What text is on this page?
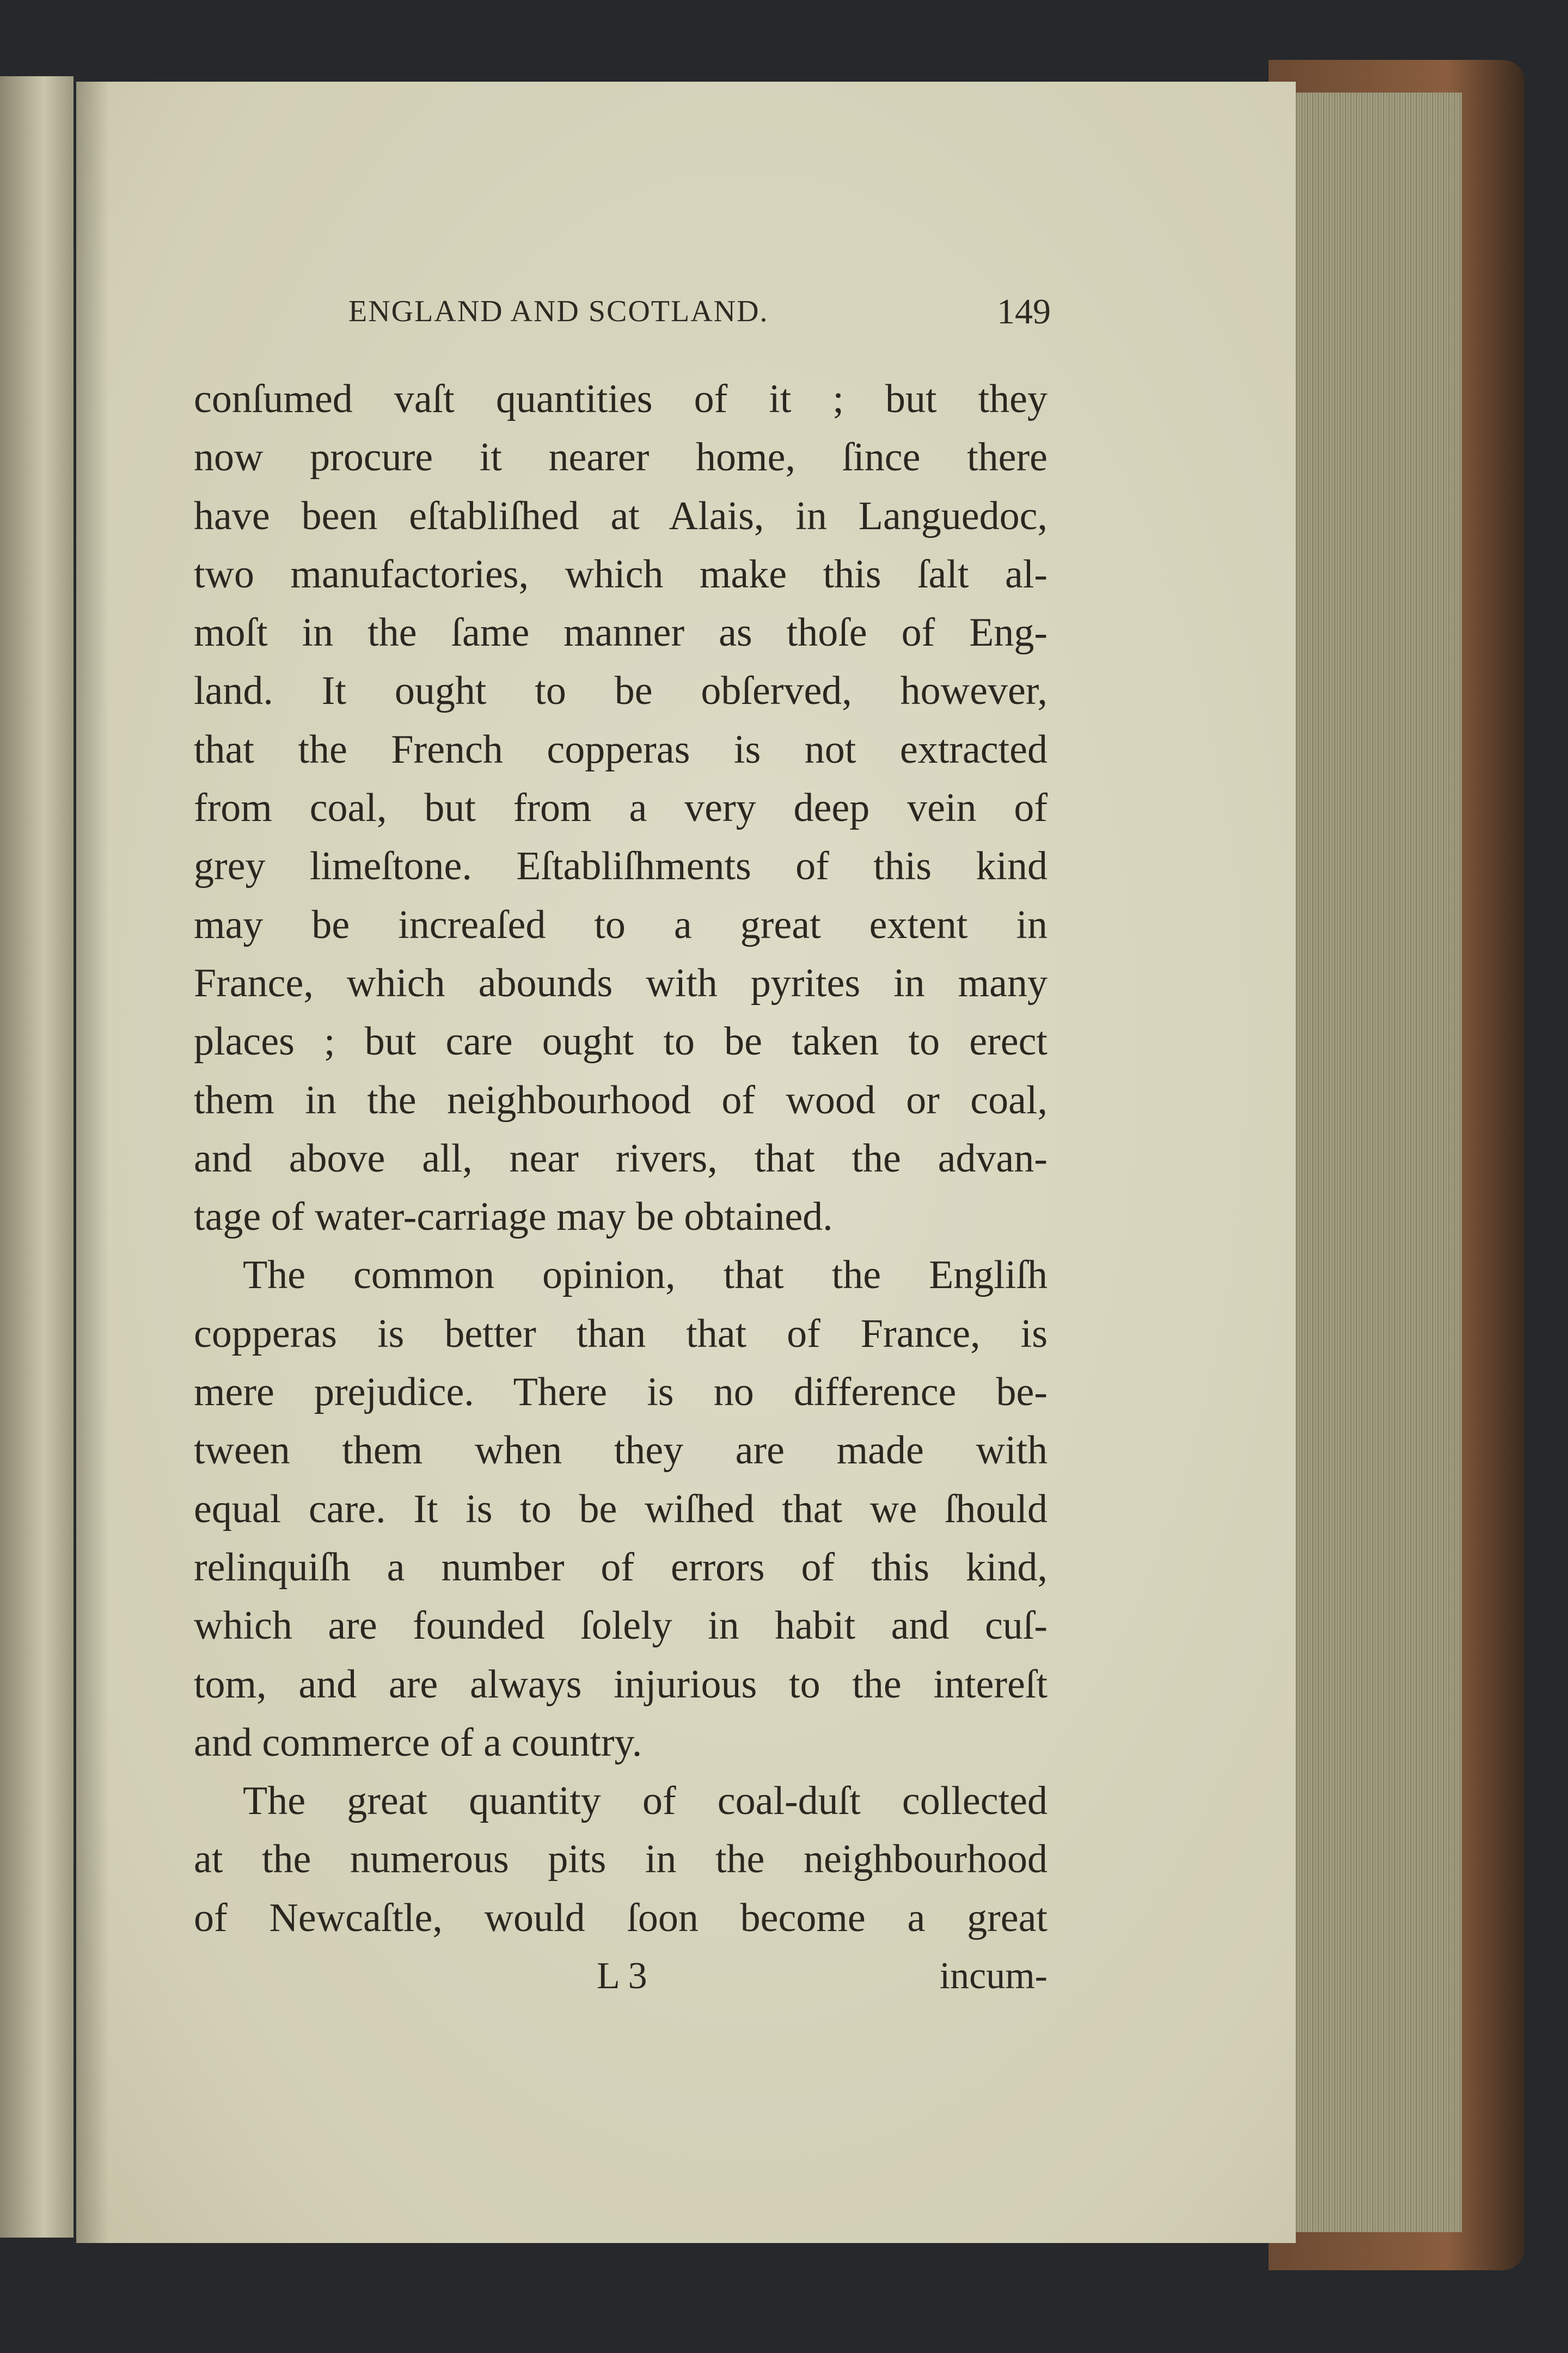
ENGLAND AND SCOTLAND.	149
conſumed vaſt quantities of it ; but they
now procure it nearer home, ſince there
have been eſtabliſhed at Alais, in Languedoc,
two manufactories, which make this ſalt al-
moſt in the ſame manner as thoſe of Eng-
land. It ought to be obſerved, however,
that the French copperas is not extracted
from coal, but from a very deep vein of
grey limeſtone. Eſtabliſhments of this kind
may be increaſed to a great extent in
France, which abounds with pyrites in many
places ; but care ought to be taken to erect
them in the neighbourhood of wood or coal,
and above all, near rivers, that the advan-
tage of water-carriage may be obtained.
The common opinion, that the Engliſh
copperas is better than that of France, is
mere prejudice. There is no difference be-
tween them when they are made with
equal care. It is to be wiſhed that we ſhould
relinquiſh a number of errors of this kind,
which are founded ſolely in habit and cuſ-
tom, and are always injurious to the intereſt
and commerce of a country.
The great quantity of coal-duſt collected
at the numerous pits in the neighbourhood
of Newcaſtle, would ſoon become a great
L 3	incum-
